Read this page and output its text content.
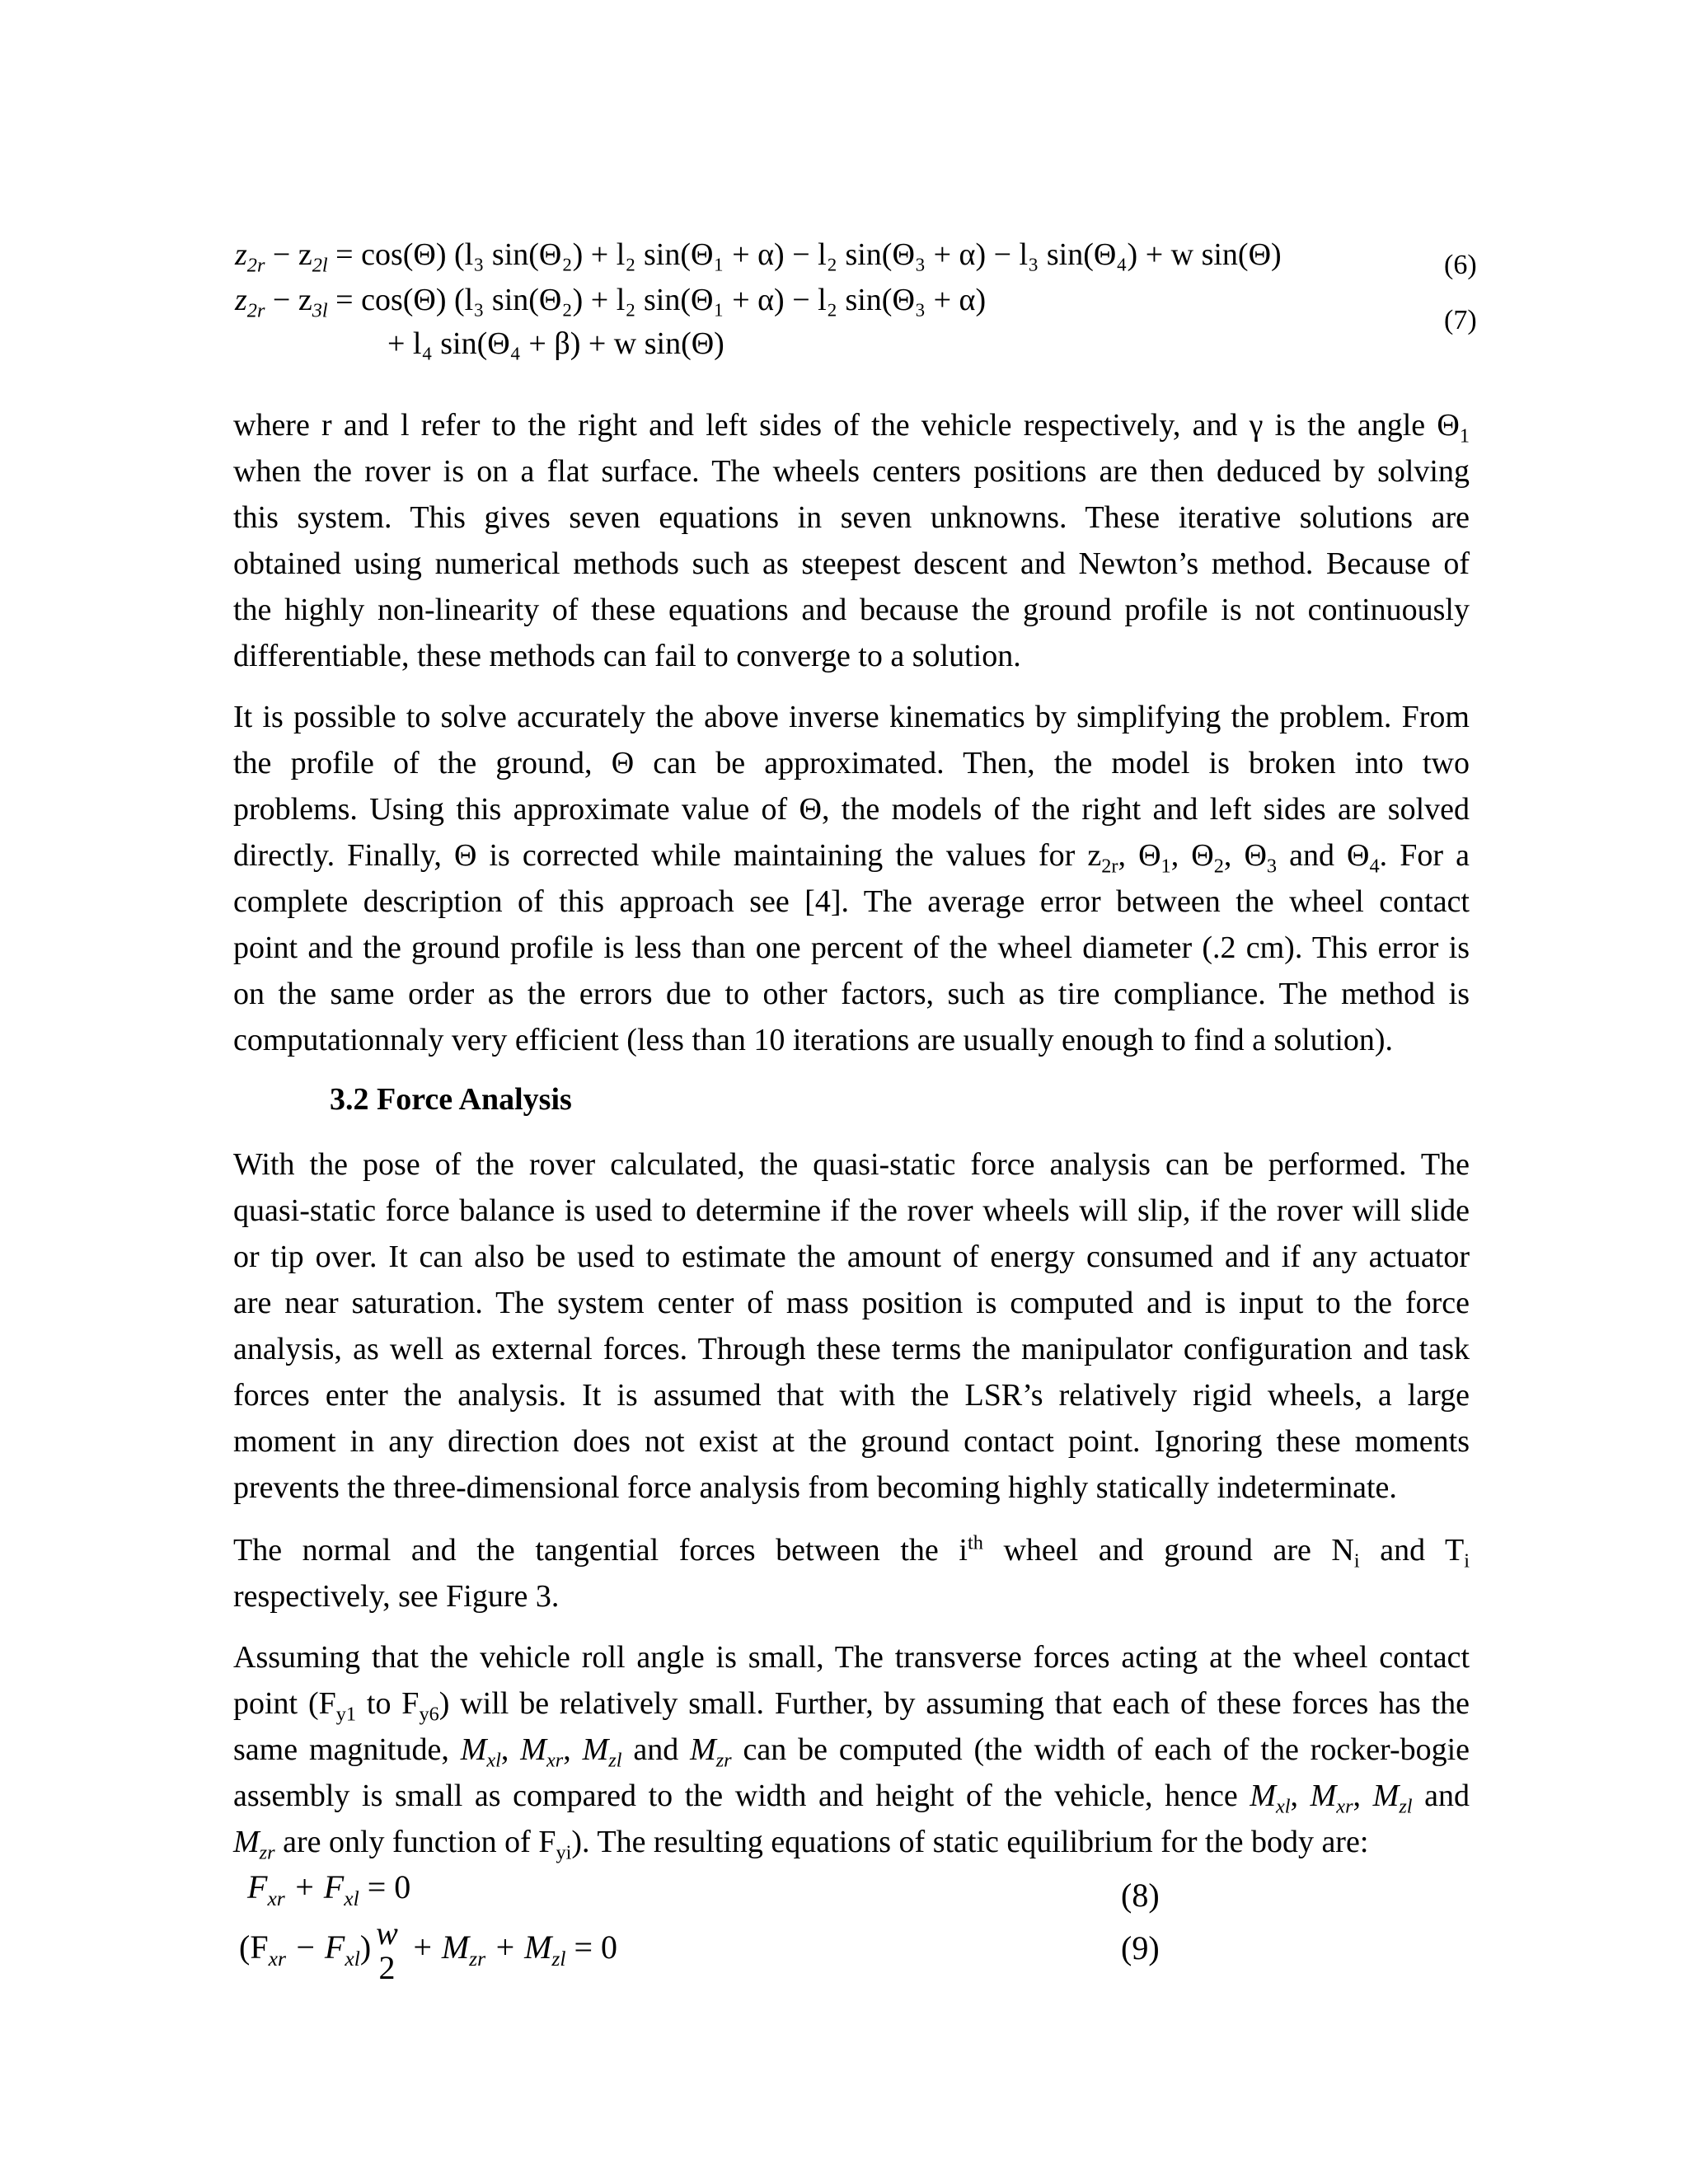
$z_{2r} - z_{2l} = \cos(\Theta)$ (l₃ sin(Θ₂) + l₂ sin(Θ₁ + α) − l₂ sin(Θ₃ + α) − l₃ sin(Θ₄) + w sin(Θ)	(6)
$z_{2r} - z_{3l} = \cos(\Theta)$ (l₃ sin(Θ₂) + l₂ sin(Θ₁ + α) − l₂ sin(Θ₃ + α)
+ l₄ sin(Θ₄ + β) + w sin(Θ)
(7)
where r and l refer to the right and left sides of the vehicle respectively, and γ is the angle $\Theta_1$
when the rover is on a flat surface. The wheels centers positions are then deduced by solving
this system. This gives seven equations in seven unknowns. These iterative solutions are
obtained using numerical methods such as steepest descent and Newton’s method. Because of
the highly non-linearity of these equations and because the ground profile is not continuously
differentiable, these methods can fail to converge to a solution.
It is possible to solve accurately the above inverse kinematics by simplifying the problem. From
the profile of the ground, Θ can be approximated. Then, the model is broken into two
problems. Using this approximate value of Θ, the models of the right and left sides are solved
directly. Finally, Θ is corrected while maintaining the values for $z_{2r}$, $\Theta_1$, $\Theta_2$, $\Theta_3$ and $\Theta_4$. For a
complete description of this approach see [4]. The average error between the wheel contact
point and the ground profile is less than one percent of the wheel diameter (.2 cm). This error is
on the same order as the errors due to other factors, such as tire compliance. The method is
computationnaly very efficient (less than 10 iterations are usually enough to find a solution).
3.2 Force Analysis
With the pose of the rover calculated, the quasi-static force analysis can be performed. The
quasi-static force balance is used to determine if the rover wheels will slip, if the rover will slide
or tip over. It can also be used to estimate the amount of energy consumed and if any actuator
are near saturation. The system center of mass position is computed and is input to the force
analysis, as well as external forces. Through these terms the manipulator configuration and task
forces enter the analysis. It is assumed that with the LSR’s relatively rigid wheels, a large
moment in any direction does not exist at the ground contact point. Ignoring these moments
prevents the three-dimensional force analysis from becoming highly statically indeterminate.
The normal and the tangential forces between the $i^{th}$ wheel and ground are $N_i$ and $T_i$
respectively, see Figure 3.
Assuming that the vehicle roll angle is small, The transverse forces acting at the wheel contact
point ($F_{y1}$ to $F_{y6}$) will be relatively small. Further, by assuming that each of these forces has the
same magnitude, $M_{xl}$, $M_{xr}$, $M_{zl}$ and $M_{zr}$ can be computed (the width of each of the rocker-bogie
assembly is small as compared to the width and height of the vehicle, hence $M_{xl}$, $M_{xr}$, $M_{zl}$ and
$M_{zr}$ are only function of $F_{yi}$). The resulting equations of static equilibrium for the body are:
$F_{xr} + F_{xl} = 0$	(8)
$(F_{xr} - F_{xl})$ w
2
+ $M_{zr} + M_{zl} = 0$	(9)
